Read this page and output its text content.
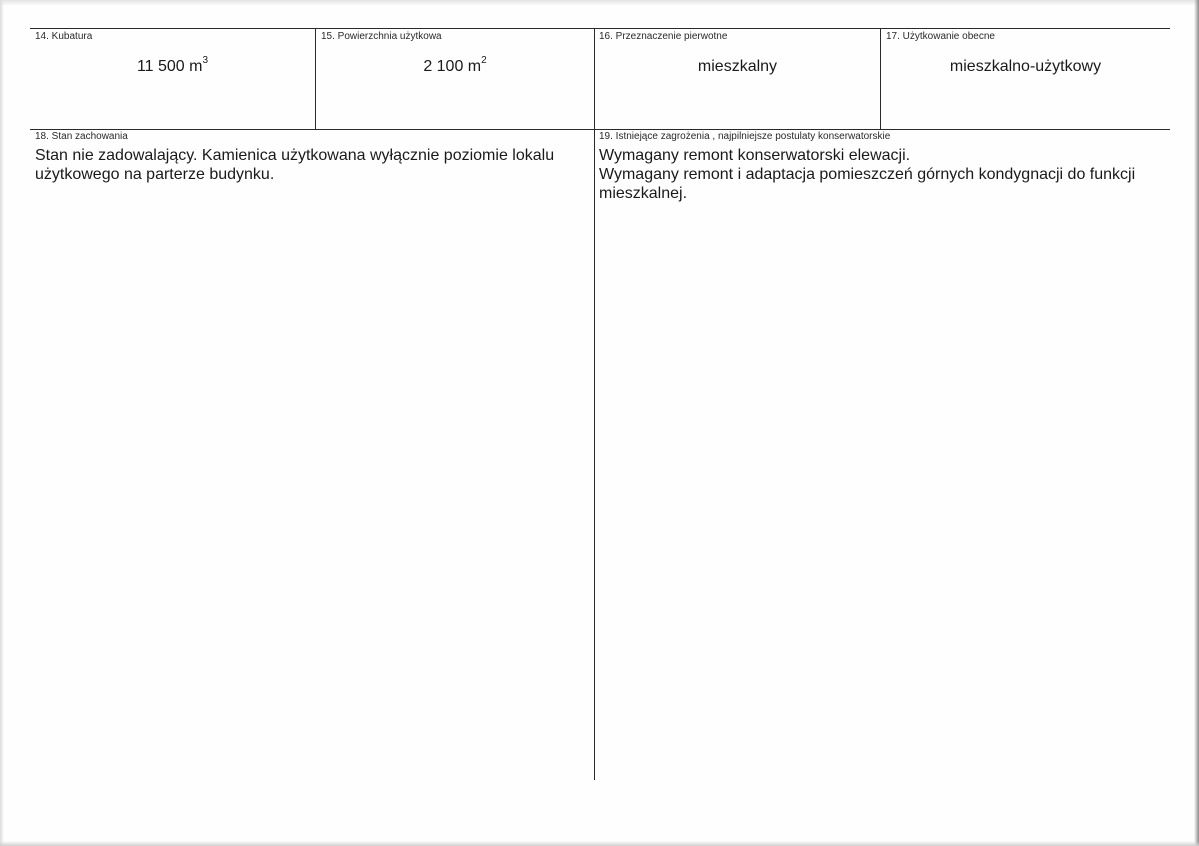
14. Kubatura	15. Powierzchnia użytkowa	16. Przeznaczenie pierwotne	17. Użytkowanie obecne
11 500 $m^3$	2 100 $m^2$	mieszkalny	mieszkalno-użytkowy
18. Stan zachowania	19. Istniejące zagrożenia , najpilniejsze postulaty konserwatorskie
Stan nie zadowalający. Kamienica użytkowana wyłącznie poziomie lokalu użytkowego na parterze budynku.

Wymagany remont konserwatorski elewacji.

Wymagany remont i adaptacja pomieszczeń górnych kondygnacji do funkcji mieszkalnej.
